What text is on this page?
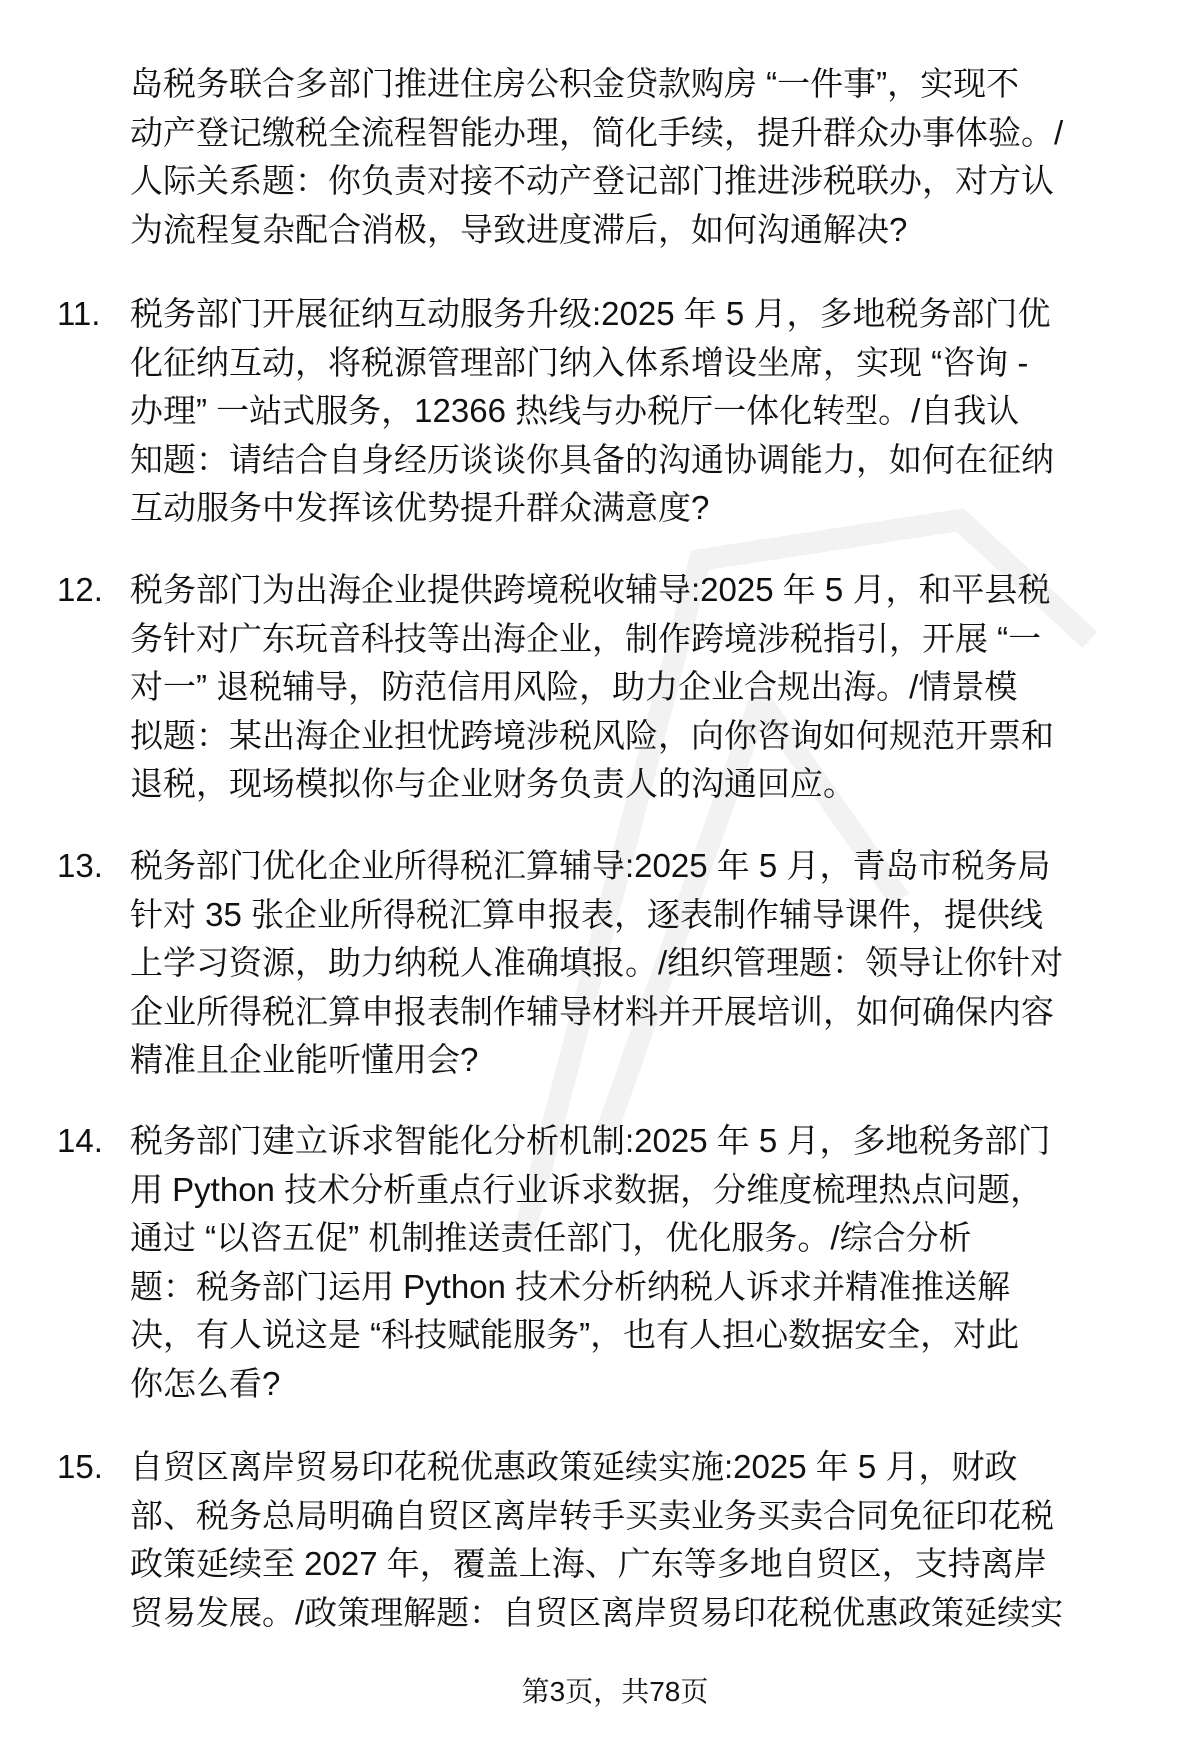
岛税务联合多部门推进住房公积金贷款购房 “一件事”，实现不
动产登记缴税全流程智能办理，简化手续，提升群众办事体验。/
人际关系题：你负责对接不动产登记部门推进涉税联办，对方认
为流程复杂配合消极，导致进度滞后，如何沟通解决?
11. 税务部门开展征纳互动服务升级:2025 年 5 月，多地税务部门优
化征纳互动，将税源管理部门纳入体系增设坐席，实现 “咨询 -
办理” 一站式服务，12366 热线与办税厅一体化转型。/自我认
知题：请结合自身经历谈谈你具备的沟通协调能力，如何在征纳
互动服务中发挥该优势提升群众满意度?
12. 税务部门为出海企业提供跨境税收辅导:2025 年 5 月，和平县税
务针对广东玩音科技等出海企业，制作跨境涉税指引，开展 “一
对一” 退税辅导，防范信用风险，助力企业合规出海。/情景模
拟题：某出海企业担忧跨境涉税风险，向你咨询如何规范开票和
退税，现场模拟你与企业财务负责人的沟通回应。
13. 税务部门优化企业所得税汇算辅导:2025 年 5 月，青岛市税务局
针对 35 张企业所得税汇算申报表，逐表制作辅导课件，提供线
上学习资源，助力纳税人准确填报。/组织管理题：领导让你针对
企业所得税汇算申报表制作辅导材料并开展培训，如何确保内容
精准且企业能听懂用会?
14. 税务部门建立诉求智能化分析机制:2025 年 5 月，多地税务部门
用 Python 技术分析重点行业诉求数据，分维度梳理热点问题，
通过 “以咨五促” 机制推送责任部门，优化服务。/综合分析
题：税务部门运用 Python 技术分析纳税人诉求并精准推送解
决，有人说这是 “科技赋能服务”，也有人担心数据安全，对此
你怎么看?
15. 自贸区离岸贸易印花税优惠政策延续实施:2025 年 5 月，财政
部、税务总局明确自贸区离岸转手买卖业务买卖合同免征印花税
政策延续至 2027 年，覆盖上海、广东等多地自贸区，支持离岸
贸易发展。/政策理解题：自贸区离岸贸易印花税优惠政策延续实
第3页，共78页
